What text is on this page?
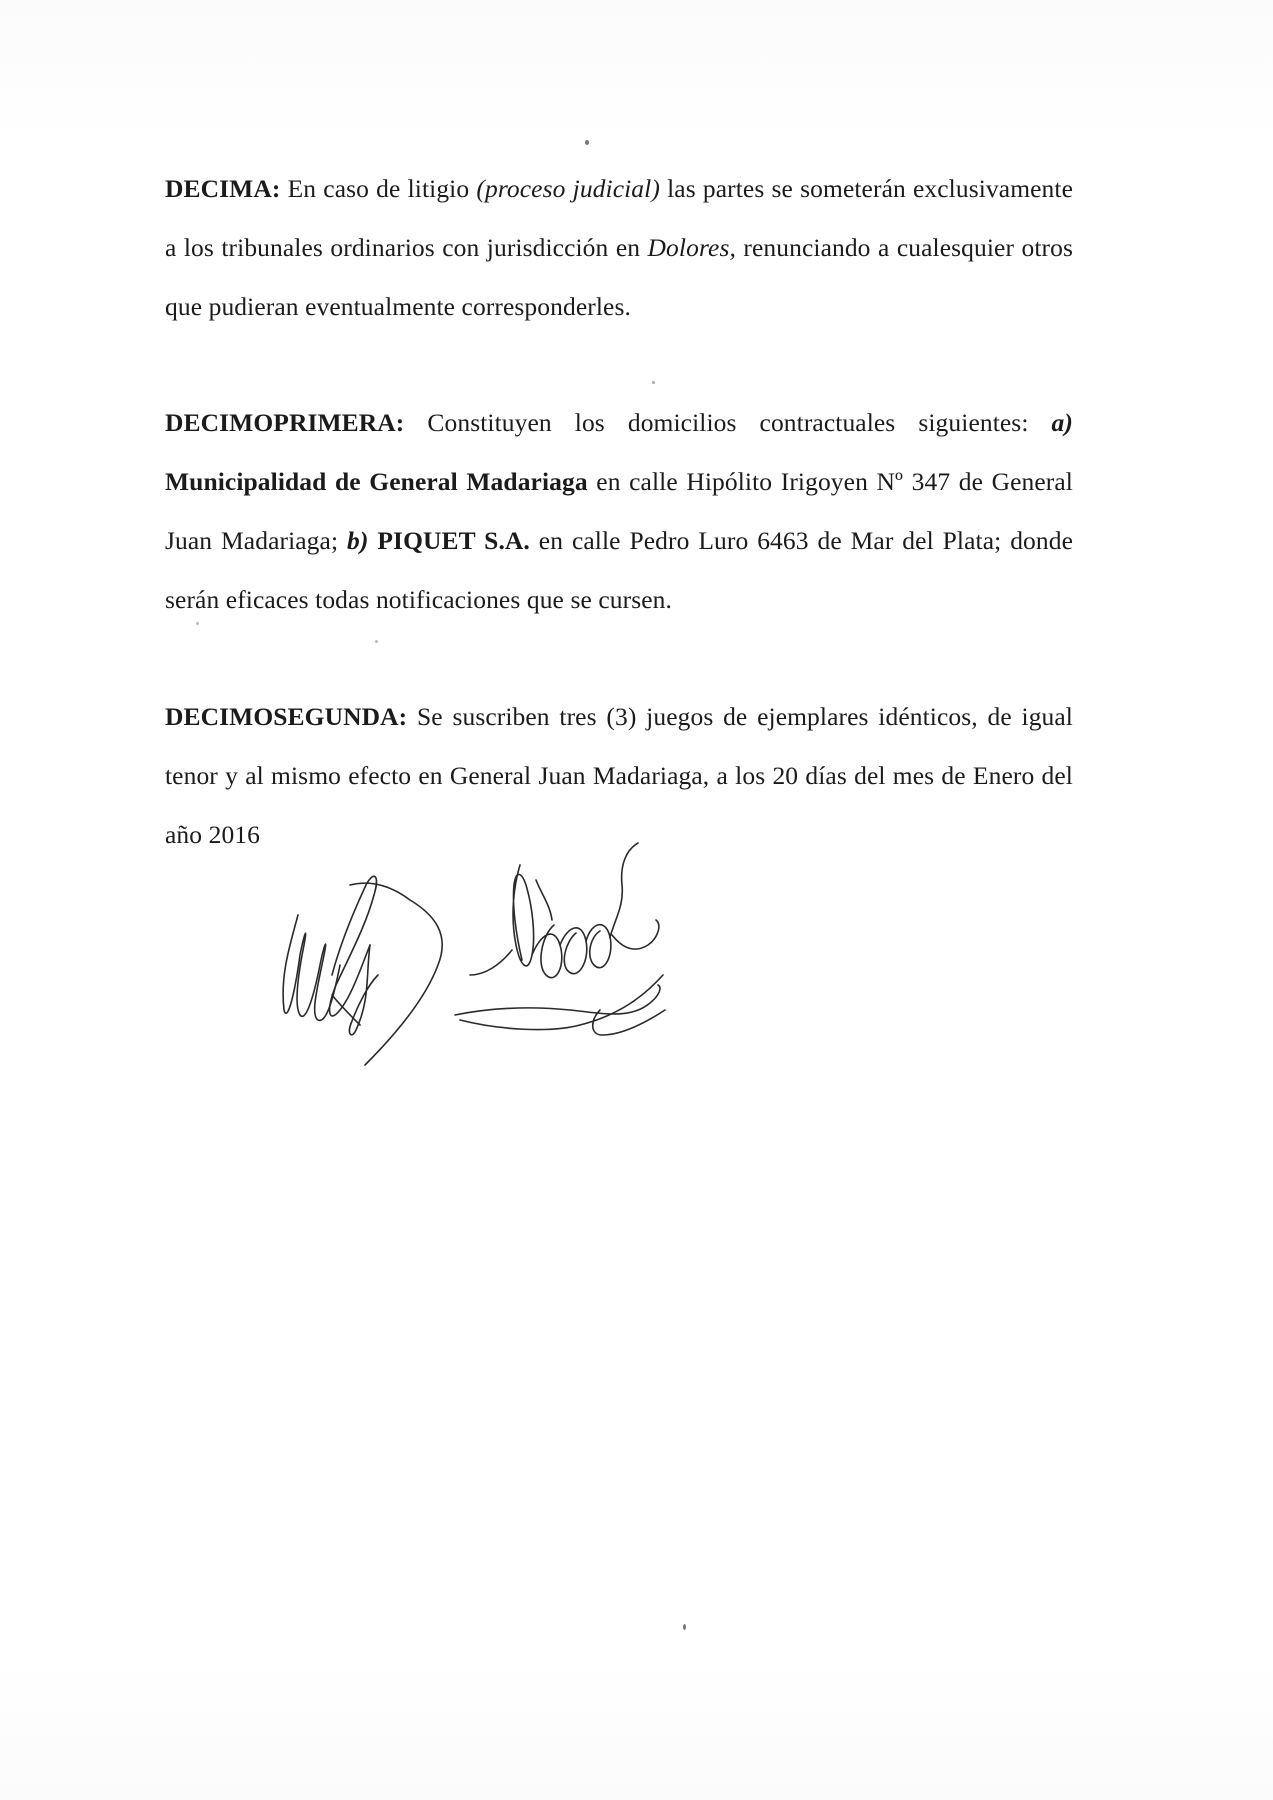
DECIMA: En caso de litigio (proceso judicial) las partes se someterán exclusivamente
a los tribunales ordinarios con jurisdicción en Dolores, renunciando a cualesquier otros
que pudieran eventualmente corresponderles.
DECIMOPRIMERA: Constituyen los domicilios contractuales siguientes: a)
Municipalidad de General Madariaga en calle Hipólito Irigoyen Nº 347 de General
Juan Madariaga; b) PIQUET S.A. en calle Pedro Luro 6463 de Mar del Plata; donde
serán eficaces todas notificaciones que se cursen.
DECIMOSEGUNDA: Se suscriben tres (3) juegos de ejemplares idénticos, de igual
tenor y al mismo efecto en General Juan Madariaga, a los 20 días del mes de Enero del
año 2016
